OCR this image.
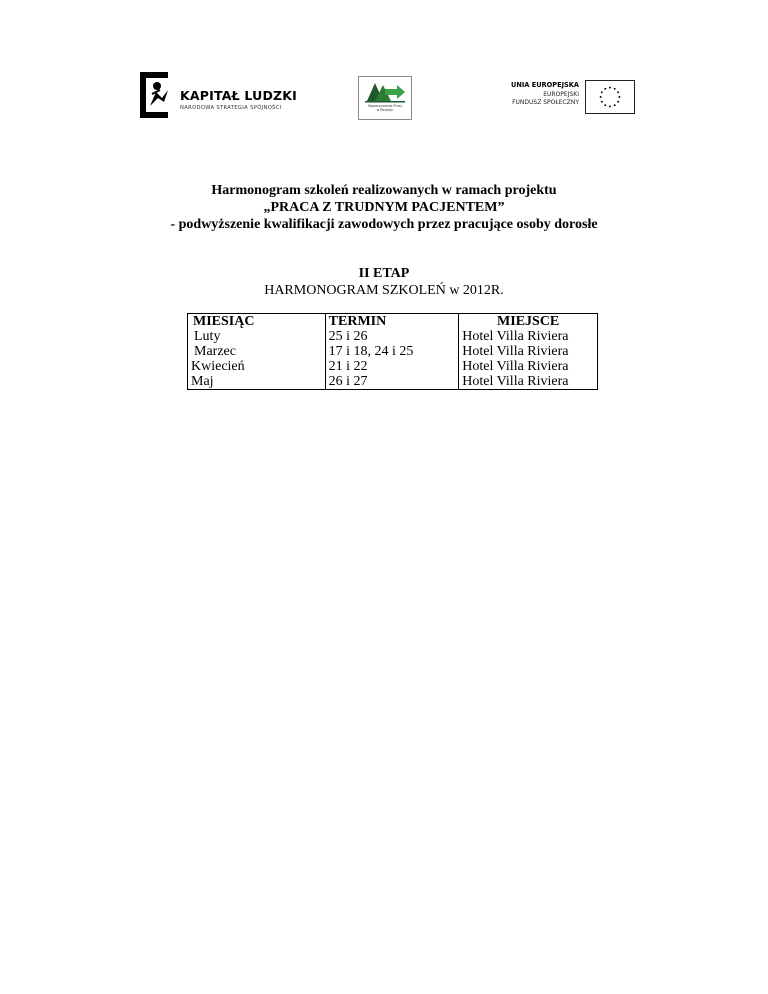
KAPITAŁ LUDZKI
NARODOWA STRATEGIA SPÓJNOŚCI	Stowarzyszenie Pracy
w Rozwoju
UNIA EUROPEJSKA
EUROPEJSKI
FUNDUSZ SPOŁECZNY
Harmonogram szkoleń realizowanych w ramach projektu
„PRACA Z TRUDNYM PACJENTEM”
- podwyższenie kwalifikacji zawodowych przez pracujące osoby dorosłe
II ETAP
HARMONOGRAM SZKOLEŃ w 2012R.
MIESIĄC	TERMIN	MIEJSCE
Luty	25 i 26	Hotel Villa Riviera
Marzec	17 i 18, 24 i 25	Hotel Villa Riviera
Kwiecień	21 i 22	Hotel Villa Riviera
Maj	26 i 27	Hotel Villa Riviera
